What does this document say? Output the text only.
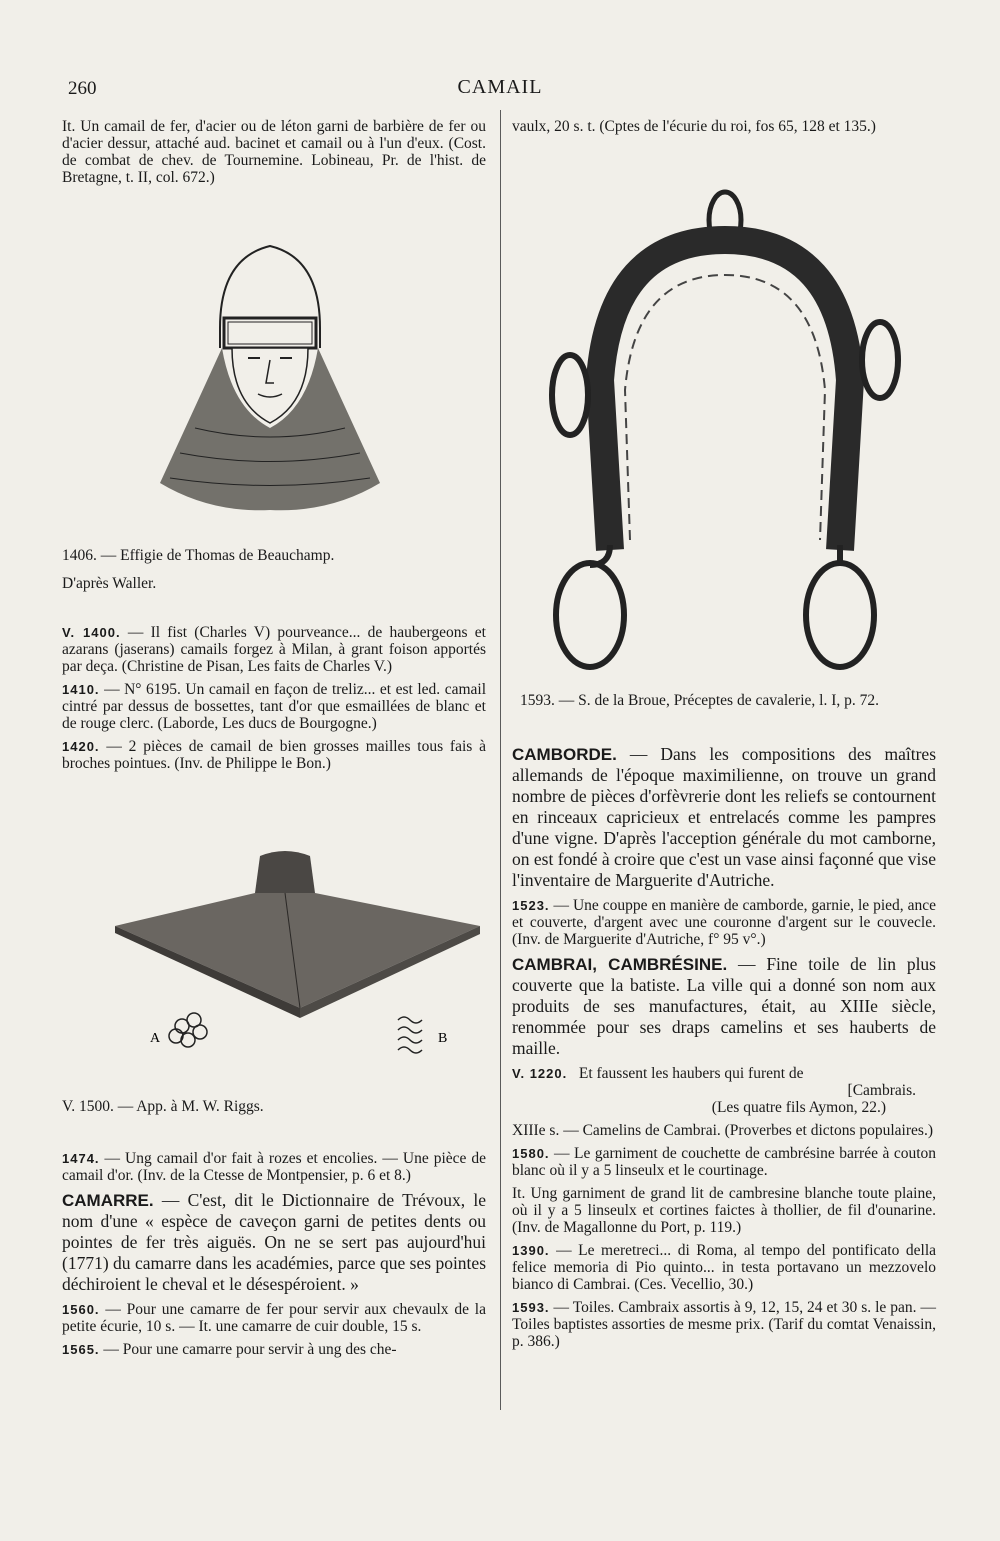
260	CAMAIL

It. Un camail de fer, d'acier ou de léton garni de barbière de fer ou d'acier dessur, attaché aud. bacinet et camail ou à l'un d'eux. (Cost. de combat de chev. de Tournemine. Lobineau, Pr. de l'hist. de Bretagne, t. II, col. 672.)

1406. — Effigie de Thomas de Beauchamp.

D'après Waller.

V. 1400. — Il fist (Charles V) pourveance... de haubergeons et azarans (jaserans) camails forgez à Milan, à grant foison apportés par deça. (Christine de Pisan, Les faits de Charles V.)

1410. — N° 6195. Un camail en façon de treliz... et est led. camail cintré par dessus de bossettes, tant d'or que esmaillées de blanc et de rouge clerc. (Laborde, Les ducs de Bourgogne.)

1420. — 2 pièces de camail de bien grosses mailles tous fais à broches pointues. (Inv. de Philippe le Bon.)

A	B

V. 1500. — App. à M. W. Riggs.

1474. — Ung camail d'or fait à rozes et encolies. — Une pièce de camail d'or. (Inv. de la Ctesse de Montpensier, p. 6 et 8.)

CAMARRE. — C'est, dit le Dictionnaire de Trévoux, le nom d'une « espèce de caveçon garni de petites dents ou pointes de fer très aiguës. On ne se sert pas aujourd'hui (1771) du camarre dans les académies, parce que ses pointes déchiroient le cheval et le désespéroient. »

1560. — Pour une camarre de fer pour servir aux chevaulx de la petite écurie, 10 s. — It. une camarre de cuir double, 15 s.

1565. — Pour une camarre pour servir à ung des che-

vaulx, 20 s. t. (Cptes de l'écurie du roi, fos 65, 128 et 135.)

1593. — S. de la Broue, Préceptes de cavalerie, l. I, p. 72.

CAMBORDE. — Dans les compositions des maîtres allemands de l'époque maximilienne, on trouve un grand nombre de pièces d'orfèvrerie dont les reliefs se contournent en rinceaux capricieux et entrelacés comme les pampres d'une vigne. D'après l'acception générale du mot camborne, on est fondé à croire que c'est un vase ainsi façonné que vise l'inventaire de Marguerite d'Autriche.

1523. — Une couppe en manière de camborde, garnie, le pied, ance et couverte, d'argent avec une couronne d'argent sur le couvecle. (Inv. de Marguerite d'Autriche, f° 95 v°.)

CAMBRAI, CAMBRÉSINE. — Fine toile de lin plus couverte que la batiste. La ville qui a donné son nom aux produits de ses manufactures, était, au XIIIe siècle, renommée pour ses draps camelins et ses hauberts de maille.

V. 1220. Et faussent les haubers qui furent de

[Cambrais.

(Les quatre fils Aymon, 22.)

XIIIe s. — Camelins de Cambrai. (Proverbes et dictons populaires.)

1580. — Le garniment de couchette de cambrésine barrée à couton blanc où il y a 5 linseulx et le courtinage.

It. Ung garniment de grand lit de cambresine blanche toute plaine, où il y a 5 linseulx et cortines faictes à thollier, de fil d'ounarine. (Inv. de Magallonne du Port, p. 119.)

1390. — Le meretreci... di Roma, al tempo del pontificato della felice memoria di Pio quinto... in testa portavano un mezzovelo bianco di Cambrai. (Ces. Vecellio, 30.)

1593. — Toiles. Cambraix assortis à 9, 12, 15, 24 et 30 s. le pan. — Toiles baptistes assorties de mesme prix. (Tarif du comtat Venaissin, p. 386.)
